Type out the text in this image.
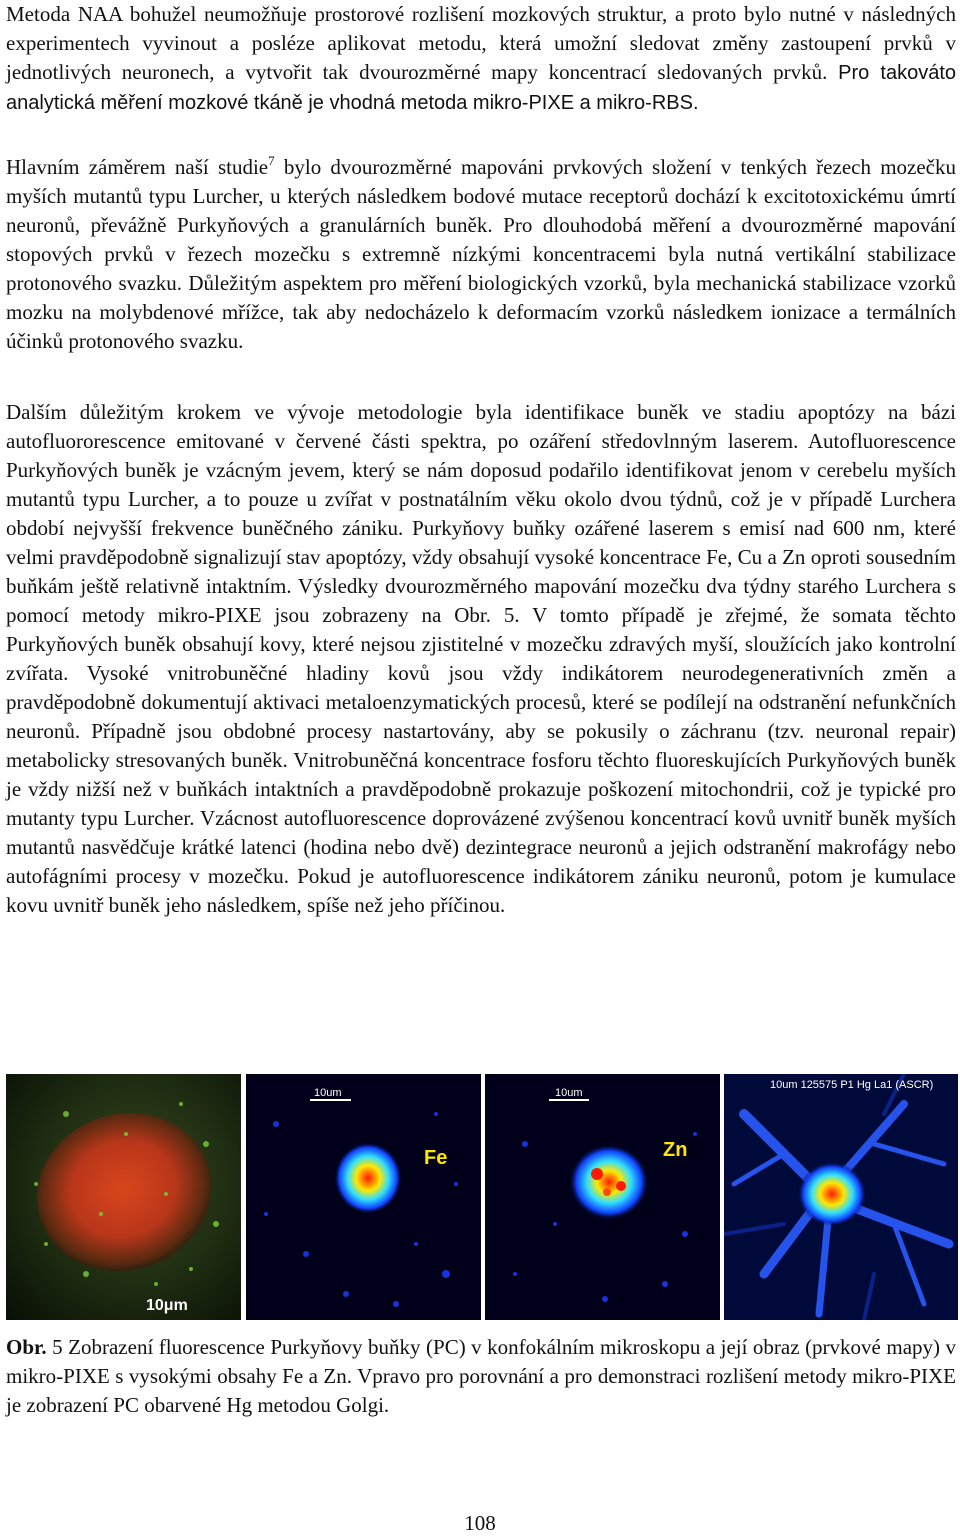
Metoda NAA bohužel neumožňuje prostorové rozlišení mozkových struktur, a proto bylo nutné v následných experimentech vyvinout a posléze aplikovat metodu, která umožní sledovat změny zastoupení prvků v jednotlivých neuronech, a vytvořit tak dvourozměrné mapy koncentrací sledovaných prvků. Pro takováto analytická měření mozkové tkáně je vhodná metoda mikro-PIXE a mikro-RBS.

Hlavním záměrem naší studie$^7$ bylo dvourozměrné mapováni prvkových složení v tenkých řezech mozečku myších mutantů typu Lurcher, u kterých následkem bodové mutace receptorů dochází k excitotoxickému úmrtí neuronů, převážně Purkyňových a granulárních buněk. Pro dlouhodobá měření a dvourozměrné mapování stopových prvků v řezech mozečku s extremně nízkými koncentracemi byla nutná vertikální stabilizace protonového svazku. Důležitým aspektem pro měření biologických vzorků, byla mechanická stabilizace vzorků mozku na molybdenové mřížce, tak aby nedocházelo k deformacím vzorků následkem ionizace a termálních účinků protonového svazku.

Dalším důležitým krokem ve vývoje metodologie byla identifikace buněk ve stadiu apoptózy na bázi autofluororescence emitované v červené části spektra, po ozáření středovlnným laserem. Autofluorescence Purkyňových buněk je vzácným jevem, který se nám doposud podařilo identifikovat jenom v cerebelu myších mutantů typu Lurcher, a to pouze u zvířat v postnatálním věku okolo dvou týdnů, což je v případě Lurchera období nejvyšší frekvence buněčného zániku. Purkyňovy buňky ozářené laserem s emisí nad 600 nm, které velmi pravděpodobně signalizují stav apoptózy, vždy obsahují vysoké koncentrace Fe, Cu a Zn oproti sousedním buňkám ještě relativně intaktním. Výsledky dvourozměrného mapování mozečku dva týdny starého Lurchera s pomocí metody mikro-PIXE jsou zobrazeny na Obr. 5. V tomto případě je zřejmé, že somata těchto Purkyňových buněk obsahují kovy, které nejsou zjistitelné v mozečku zdravých myší, sloužících jako kontrolní zvířata. Vysoké vnitrobuněčné hladiny kovů jsou vždy indikátorem neurodegenerativních změn a pravděpodobně dokumentují aktivaci metaloenzymatických procesů, které se podílejí na odstranění nefunkčních neuronů. Případně jsou obdobné procesy nastartovány, aby se pokusily o záchranu (tzv. neuronal repair) metabolicky stresovaných buněk. Vnitrobuněčná koncentrace fosforu těchto fluoreskujících Purkyňových buněk je vždy nižší než v buňkách intaktních a pravděpodobně prokazuje poškození mitochondrii, což je typické pro mutanty typu Lurcher. Vzácnost autofluorescence doprovázené zvýšenou koncentrací kovů uvnitř buněk myších mutantů nasvědčuje krátké latenci (hodina nebo dvě) dezintegrace neuronů a jejich odstranění makrofágy nebo autofágními procesy v mozečku. Pokud je autofluorescence indikátorem zániku neuronů, potom je kumulace kovu uvnitř buněk jeho následkem, spíše než jeho příčinou.

10μm
10um
Fe
10um
Zn
10um 125575 P1 Hg La1 (ASCR)

Obr. 5 Zobrazení fluorescence Purkyňovy buňky (PC) v konfokálním mikroskopu a její obraz (prvkové mapy) v mikro-PIXE s vysokými obsahy Fe a Zn. Vpravo pro porovnání a pro demonstraci rozlišení metody mikro-PIXE je zobrazení PC obarvené Hg metodou Golgi.

108
